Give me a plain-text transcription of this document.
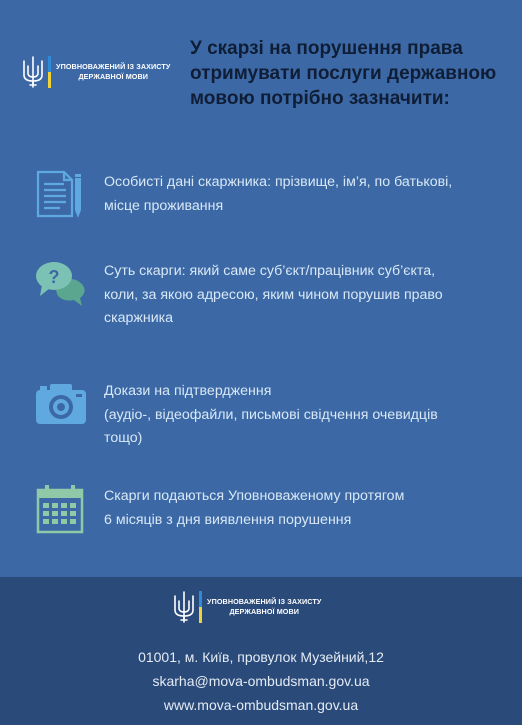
УПОВНОВАЖЕНИЙ ІЗ ЗАХИСТУ
ДЕРЖАВНОЇ МОВИ
У скарзі на порушення права
отримувати послуги державною
мовою потрібно зазначити:
Особисті дані скаржника: прізвище, ім’я, по батькові,
місце проживання
?	Суть скарги: який саме суб’єкт/працівник суб’єкта,
коли, за якою адресою, яким чином порушив право
скаржника
Докази на підтвердження
(аудіо-, відеофайли, письмові свідчення очевидців
тощо)
Скарги подаються Уповноваженому протягом
6 місяців з дня виявлення порушення
УПОВНОВАЖЕНИЙ ІЗ ЗАХИСТУ
ДЕРЖАВНОЇ МОВИ
01001, м. Київ, провулок Музейний,12
skarha@mova-ombudsman.gov.ua
www.mova-ombudsman.gov.ua
